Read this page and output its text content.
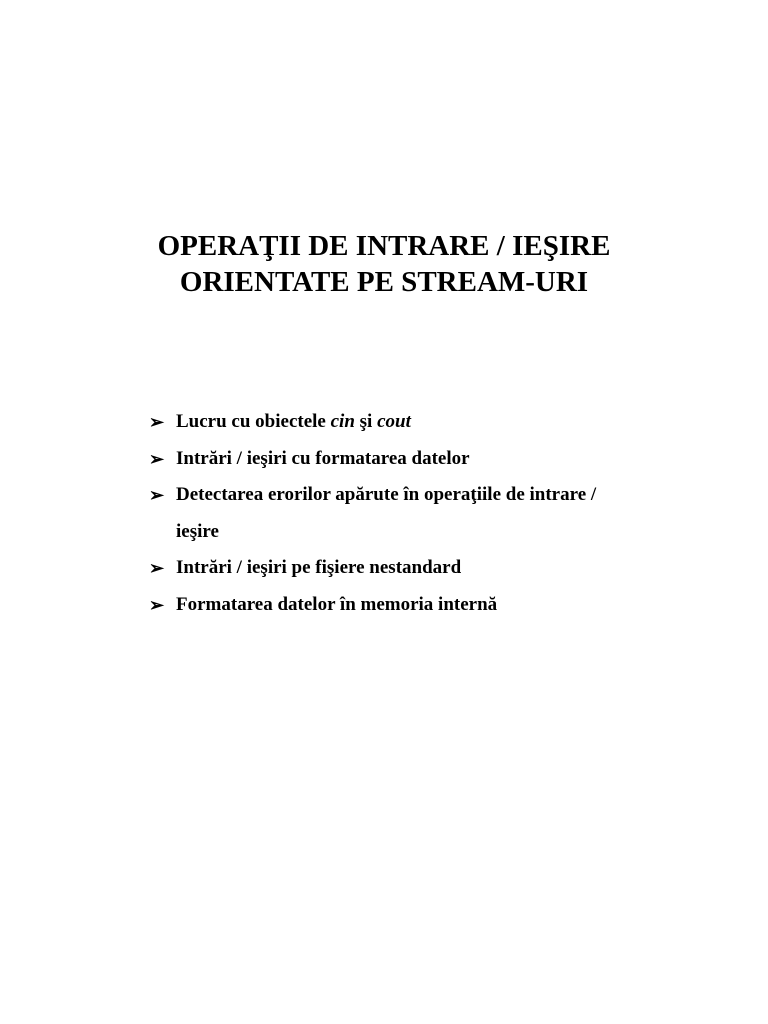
OPERAŢII DE INTRARE / IEŞIRE
ORIENTATE PE STREAM-URI
➢ Lucru cu obiectele cin şi cout
➢ Intrări / ieşiri cu formatarea datelor
➢ Detectarea erorilor apărute în operaţiile de intrare /
ieşire
➢ Intrări / ieşiri pe fişiere nestandard
➢ Formatarea datelor în memoria internă
